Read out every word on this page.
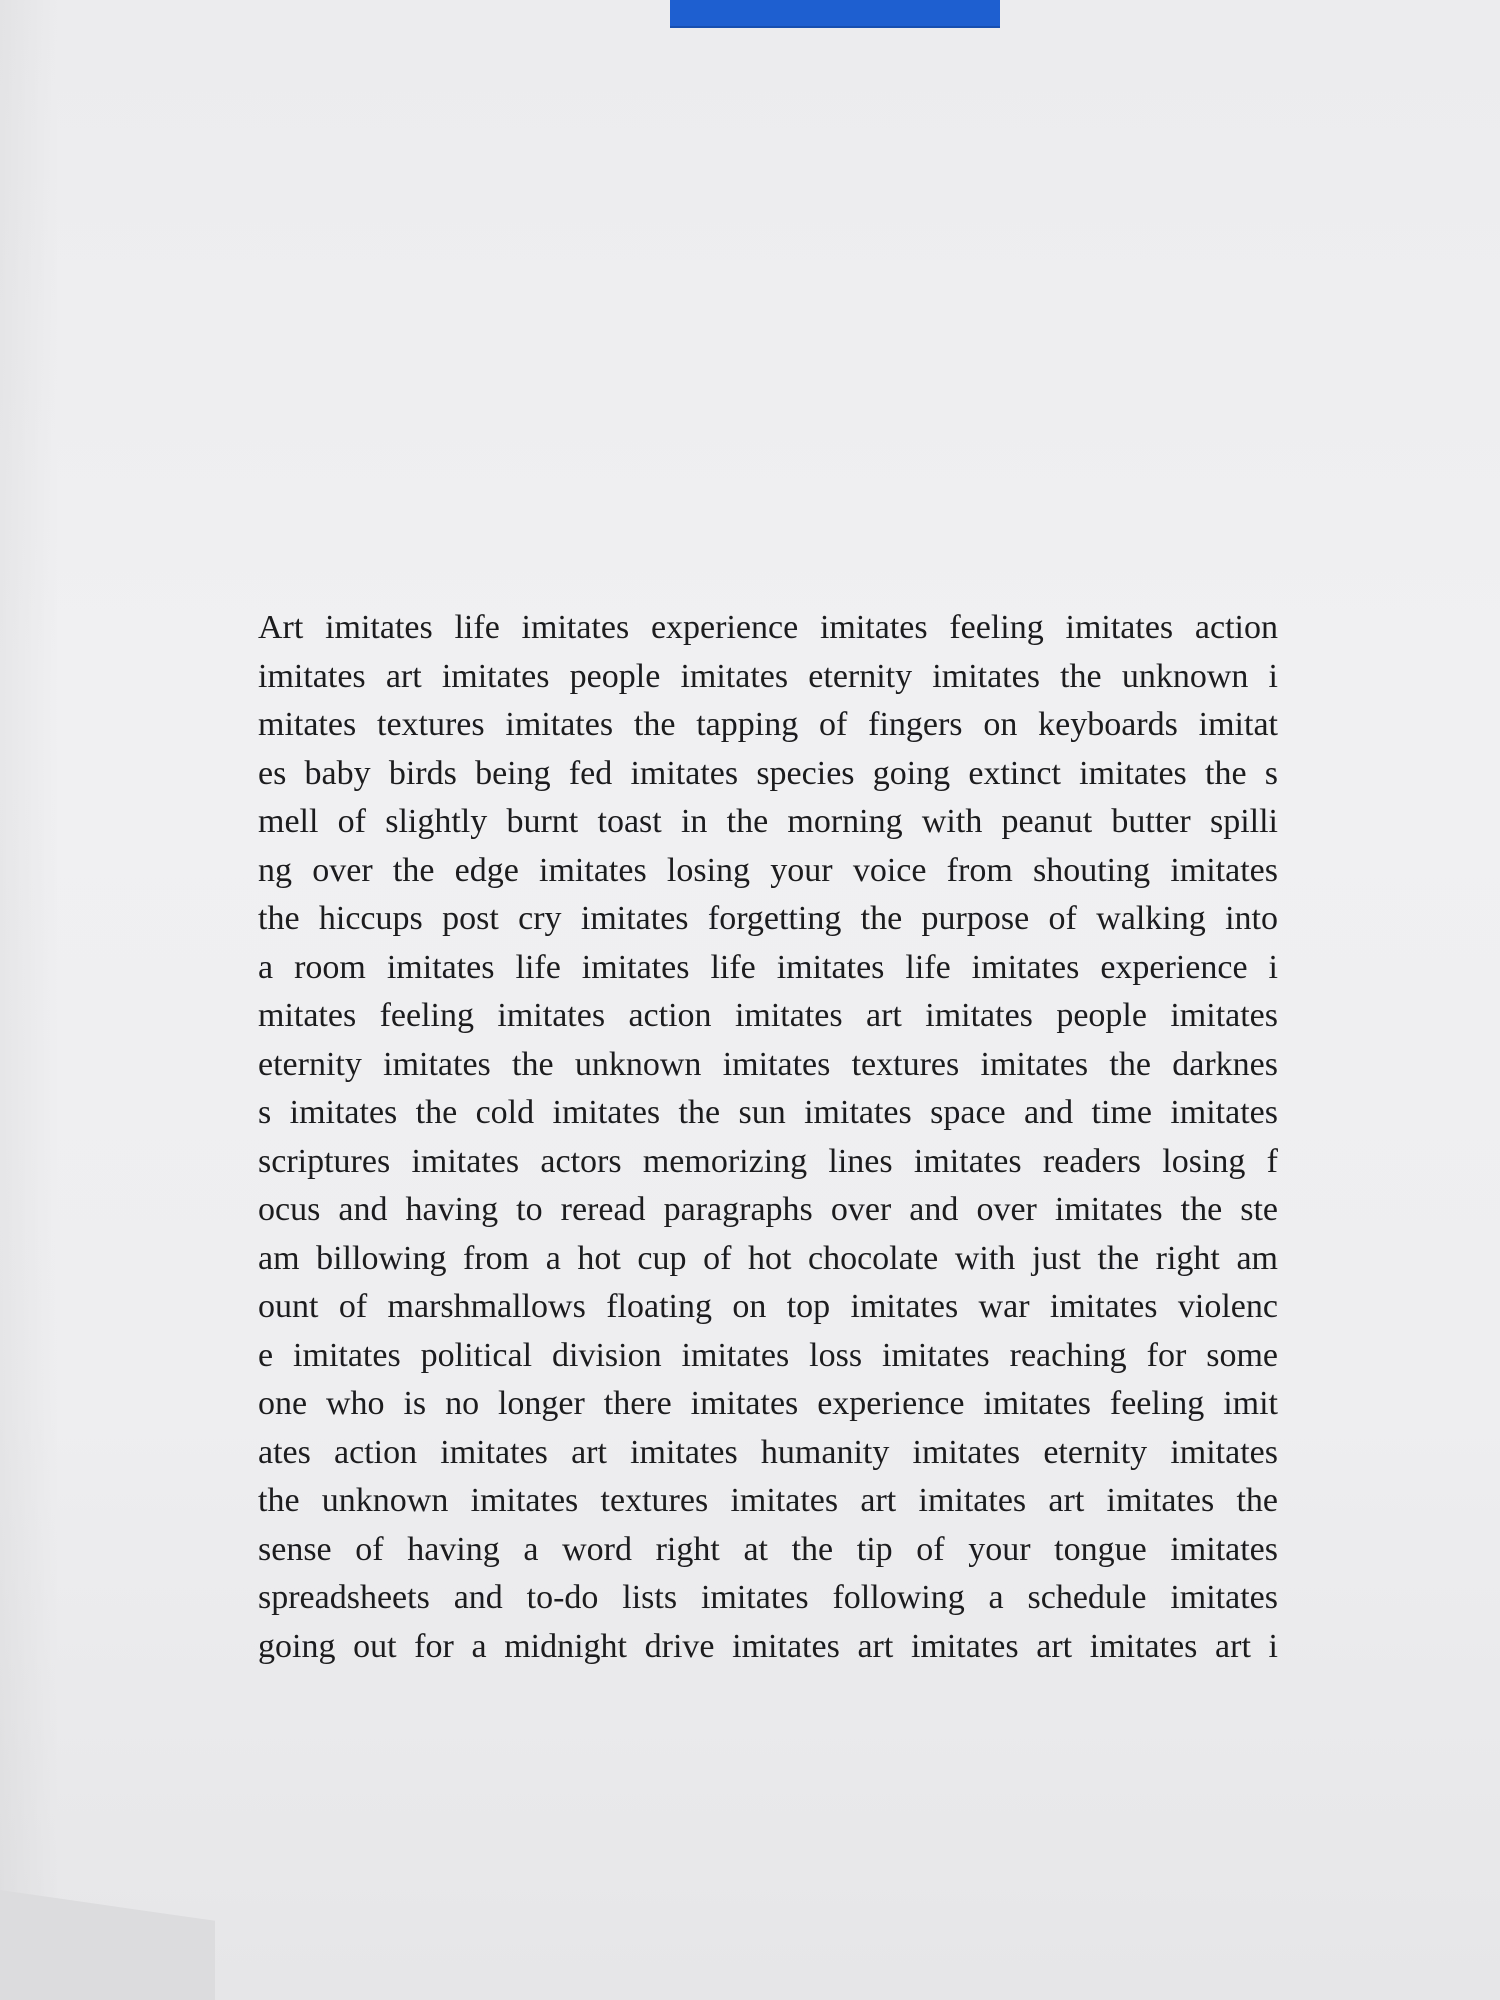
Art imitates life imitates experience imitates feeling imitates action
imitates art imitates people imitates eternity imitates the unknown i
mitates textures imitates the tapping of fingers on keyboards imitat
es baby birds being fed imitates species going extinct imitates the s
mell of slightly burnt toast in the morning with peanut butter spilli
ng over the edge imitates losing your voice from shouting imitates
the hiccups post cry imitates forgetting the purpose of walking into
a room imitates life imitates life imitates life imitates experience i
mitates feeling imitates action imitates art imitates people imitates
eternity imitates the unknown imitates textures imitates the darknes
s imitates the cold imitates the sun imitates space and time imitates
scriptures imitates actors memorizing lines imitates readers losing f
ocus and having to reread paragraphs over and over imitates the ste
am billowing from a hot cup of hot chocolate with just the right am
ount of marshmallows floating on top imitates war imitates violenc
e imitates political division imitates loss imitates reaching for some
one who is no longer there imitates experience imitates feeling imit
ates action imitates art imitates humanity imitates eternity imitates
the unknown imitates textures imitates art imitates art imitates the
sense of having a word right at the tip of your tongue imitates
spreadsheets and to-do lists imitates following a schedule imitates
going out for a midnight drive imitates art imitates art imitates art i
